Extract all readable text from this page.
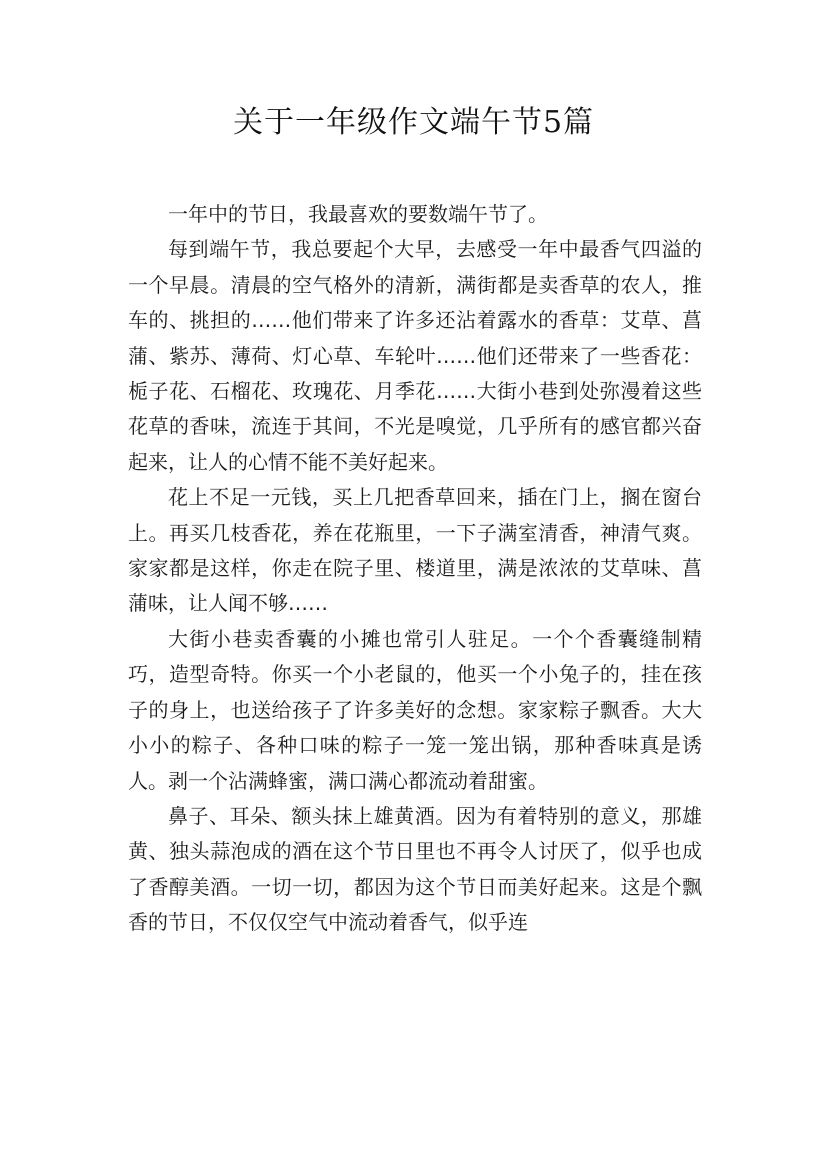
关于一年级作文端午节5篇

一年中的节日，我最喜欢的要数端午节了。

每到端午节，我总要起个大早，去感受一年中最香气四溢的一个早晨。清晨的空气格外的清新，满街都是卖香草的农人，推车的、挑担的……他们带来了许多还沾着露水的香草：艾草、菖蒲、紫苏、薄荷、灯心草、车轮叶……他们还带来了一些香花：栀子花、石榴花、玫瑰花、月季花……大街小巷到处弥漫着这些花草的香味，流连于其间，不光是嗅觉，几乎所有的感官都兴奋起来，让人的心情不能不美好起来。

花上不足一元钱，买上几把香草回来，插在门上，搁在窗台上。再买几枝香花，养在花瓶里，一下子满室清香，神清气爽。家家都是这样，你走在院子里、楼道里，满是浓浓的艾草味、菖蒲味，让人闻不够……

大街小巷卖香囊的小摊也常引人驻足。一个个香囊缝制精巧，造型奇特。你买一个小老鼠的，他买一个小兔子的，挂在孩子的身上，也送给孩子了许多美好的念想。家家粽子飘香。大大小小的粽子、各种口味的粽子一笼一笼出锅，那种香味真是诱人。剥一个沾满蜂蜜，满口满心都流动着甜蜜。

鼻子、耳朵、额头抹上雄黄酒。因为有着特别的意义，那雄黄、独头蒜泡成的酒在这个节日里也不再令人讨厌了，似乎也成了香醇美酒。一切一切，都因为这个节日而美好起来。这是个飘香的节日，不仅仅空气中流动着香气，似乎连
